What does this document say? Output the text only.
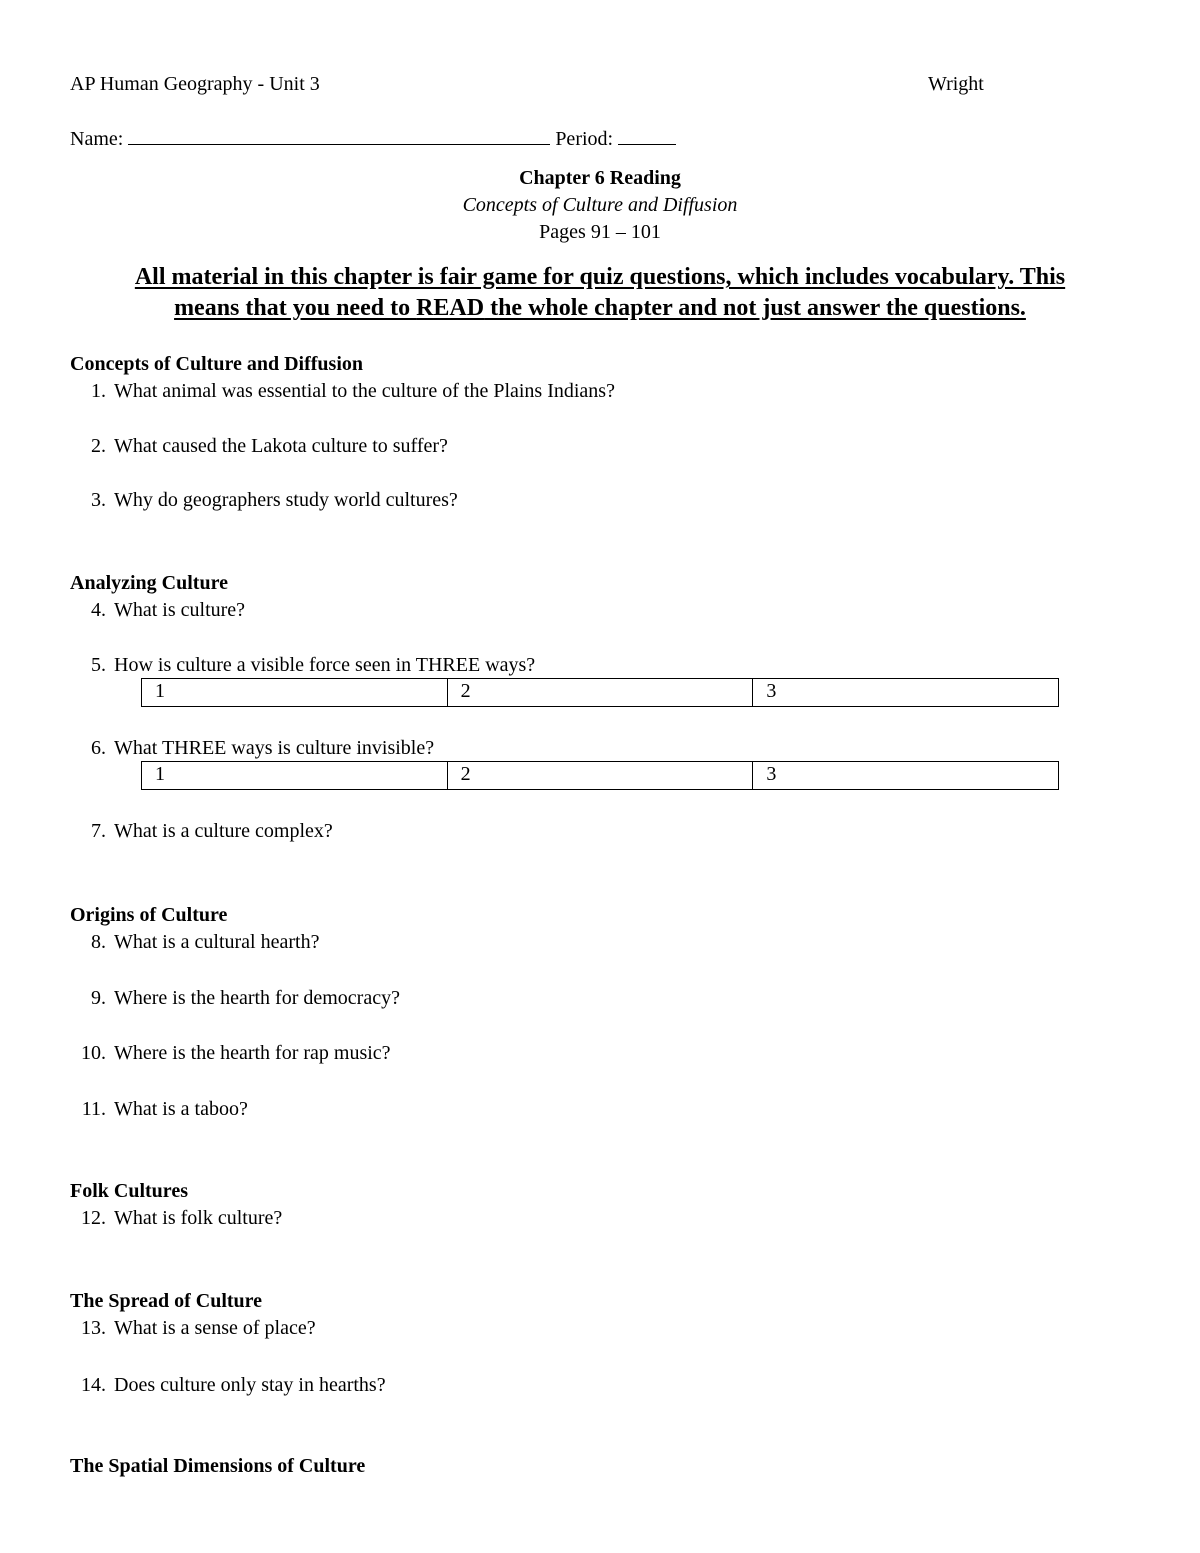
AP Human Geography - Unit 3	Wright
Name:	Period:
Chapter 6 Reading
Concepts of Culture and Diffusion
Pages 91 – 101
All material in this chapter is fair game for quiz questions, which includes vocabulary. This
means that you need to READ the whole chapter and not just answer the questions.
Concepts of Culture and Diffusion
1. What animal was essential to the culture of the Plains Indians?
2. What caused the Lakota culture to suffer?
3. Why do geographers study world cultures?
Analyzing Culture
4. What is culture?
5. How is culture a visible force seen in THREE ways?
1	2	3
6. What THREE ways is culture invisible?
1	2	3
7. What is a culture complex?
Origins of Culture
8. What is a cultural hearth?
9. Where is the hearth for democracy?
10. Where is the hearth for rap music?
11. What is a taboo?
Folk Cultures
12. What is folk culture?
The Spread of Culture
13. What is a sense of place?
14. Does culture only stay in hearths?
The Spatial Dimensions of Culture
